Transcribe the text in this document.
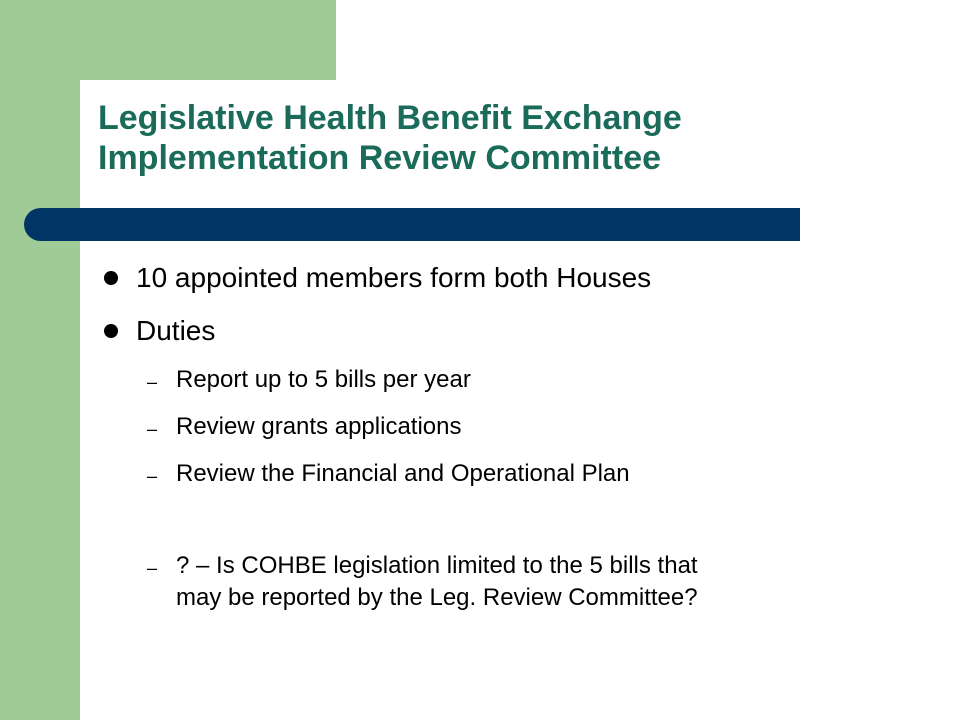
Legislative Health Benefit Exchange
Implementation Review Committee
10 appointed members form both Houses
Duties
– Report up to 5 bills per year
– Review grants applications
– Review the Financial and Operational Plan
– ? – Is COHBE legislation limited to the 5 bills that
may be reported by the Leg. Review Committee?
